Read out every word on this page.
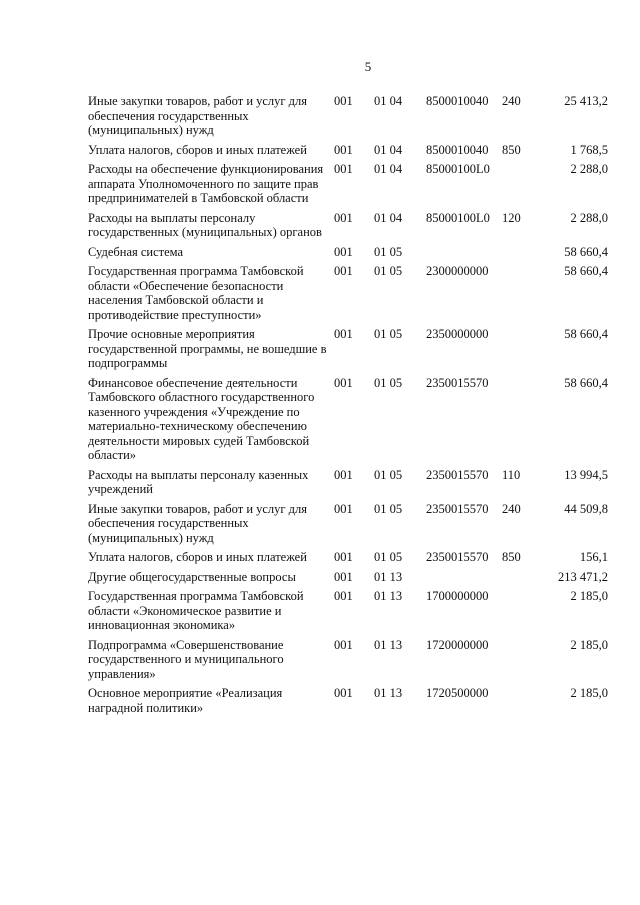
5
Иные закупки товаров, работ и услуг для обеспечения государственных (муниципальных) нужд	001	01 04	8500010040	240	25 413,2
Уплата налогов, сборов и иных платежей	001	01 04	8500010040	850	1 768,5
Расходы на обеспечение функционирования аппарата Уполномоченного по защите прав предпринимателей в Тамбовской области	001	01 04	85000100L0		2 288,0
Расходы на выплаты персоналу государственных (муниципальных) органов	001	01 04	85000100L0	120	2 288,0
Судебная система	001	01 05			58 660,4
Государственная программа Тамбовской области «Обеспечение безопасности населения Тамбовской области и противодействие преступности»	001	01 05	2300000000		58 660,4
Прочие основные мероприятия государственной программы, не вошедшие в подпрограммы	001	01 05	2350000000		58 660,4
Финансовое обеспечение деятельности Тамбовского областного государственного казенного учреждения «Учреждение по материально-техническому обеспечению деятельности мировых судей Тамбовской области»	001	01 05	2350015570		58 660,4
Расходы на выплаты персоналу казенных учреждений	001	01 05	2350015570	110	13 994,5
Иные закупки товаров, работ и услуг для обеспечения государственных (муниципальных) нужд	001	01 05	2350015570	240	44 509,8
Уплата налогов, сборов и иных платежей	001	01 05	2350015570	850	156,1
Другие общегосударственные вопросы	001	01 13			213 471,2
Государственная программа Тамбовской области «Экономическое развитие и инновационная экономика»	001	01 13	1700000000		2 185,0
Подпрограмма «Совершенствование государственного и муниципального управления»	001	01 13	1720000000		2 185,0
Основное мероприятие «Реализация наградной политики»	001	01 13	1720500000		2 185,0
